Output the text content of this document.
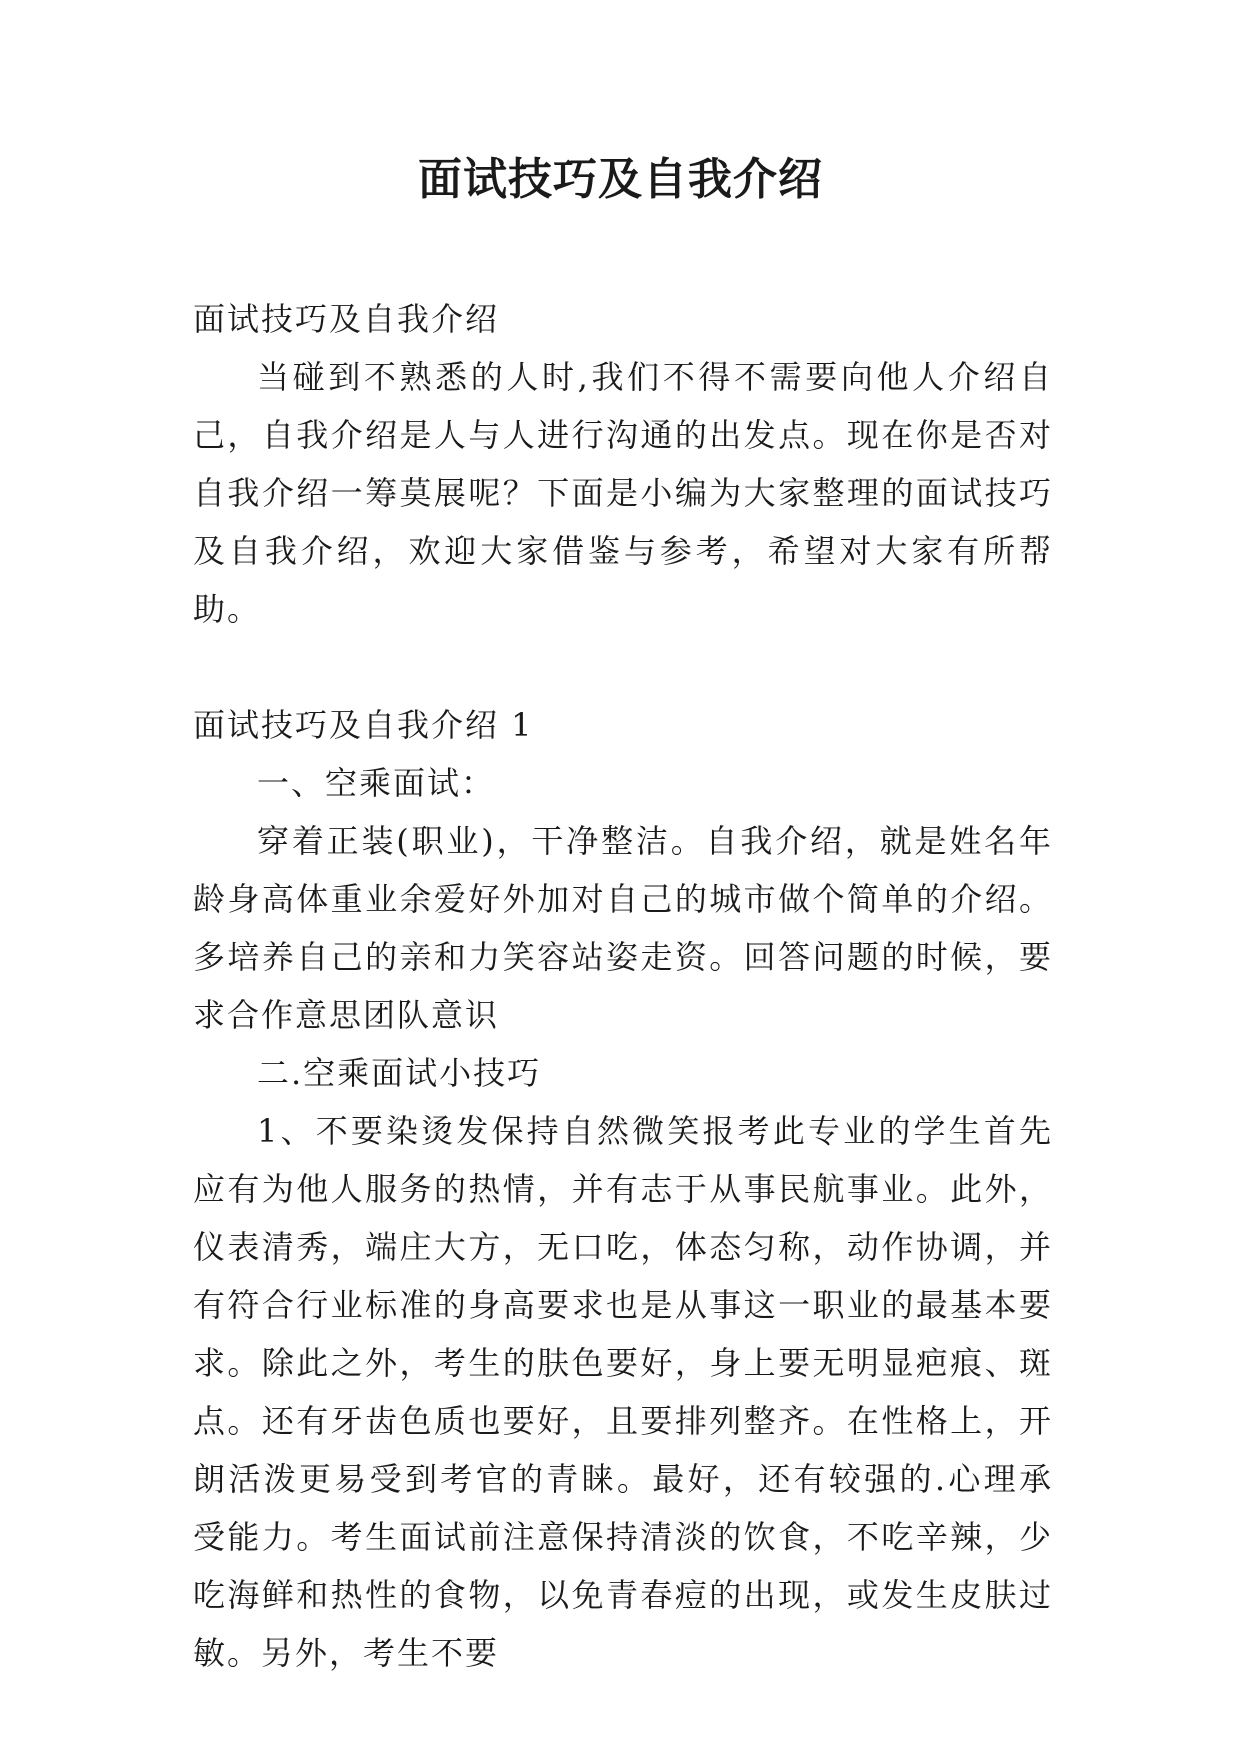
面试技巧及自我介绍

面试技巧及自我介绍

当碰到不熟悉的人时,我们不得不需要向他人介绍自己，自我介绍是人与人进行沟通的出发点。现在你是否对自我介绍一筹莫展呢？下面是小编为大家整理的面试技巧及自我介绍，欢迎大家借鉴与参考，希望对大家有所帮助。

面试技巧及自我介绍 1

一、空乘面试：

穿着正装(职业)，干净整洁。自我介绍，就是姓名年龄身高体重业余爱好外加对自己的城市做个简单的介绍。多培养自己的亲和力笑容站姿走资。回答问题的时候，要求合作意思团队意识

二.空乘面试小技巧

1、不要染烫发保持自然微笑报考此专业的学生首先应有为他人服务的热情，并有志于从事民航事业。此外，仪表清秀，端庄大方，无口吃，体态匀称，动作协调，并有符合行业标准的身高要求也是从事这一职业的最基本要求。除此之外，考生的肤色要好，身上要无明显疤痕、斑点。还有牙齿色质也要好，且要排列整齐。在性格上，开朗活泼更易受到考官的青睐。最好，还有较强的.心理承受能力。考生面试前注意保持清淡的饮食，不吃辛辣，少吃海鲜和热性的食物，以免青春痘的出现，或发生皮肤过敏。另外，考生不要
